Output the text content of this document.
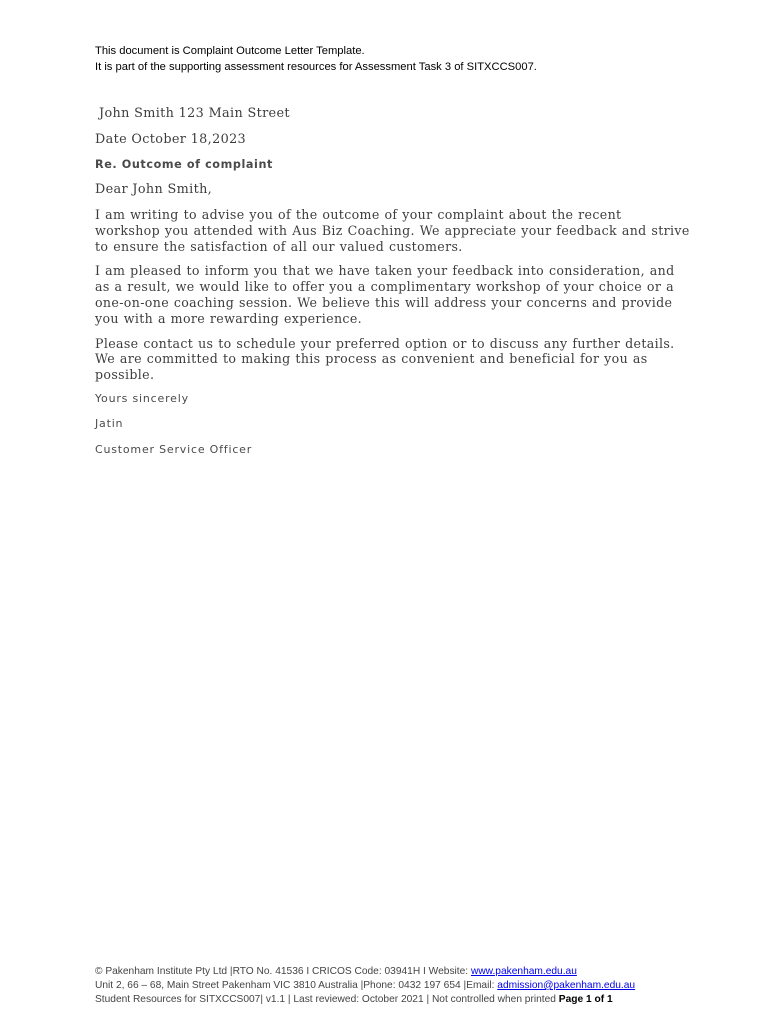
This document is Complaint Outcome Letter Template.
It is part of the supporting assessment resources for Assessment Task 3 of SITXCCS007.
John Smith 123 Main Street
Date October 18,2023
Re. Outcome of complaint
Dear John Smith,
I am writing to advise you of the outcome of your complaint about the recent workshop you attended with Aus Biz Coaching. We appreciate your feedback and strive to ensure the satisfaction of all our valued customers.
I am pleased to inform you that we have taken your feedback into consideration, and as a result, we would like to offer you a complimentary workshop of your choice or a one-on-one coaching session. We believe this will address your concerns and provide you with a more rewarding experience.
Please contact us to schedule your preferred option or to discuss any further details. We are committed to making this process as convenient and beneficial for you as possible.
Yours sincerely
Jatin
Customer Service Officer
© Pakenham Institute Pty Ltd |RTO No. 41536 I CRICOS Code: 03941H I Website: www.pakenham.edu.au
Unit 2, 66 – 68, Main Street Pakenham VIC 3810 Australia |Phone: 0432 197 654 |Email: admission@pakenham.edu.au
Student Resources for SITXCCS007| v1.1 | Last reviewed: October 2021 | Not controlled when printed Page 1 of 1
